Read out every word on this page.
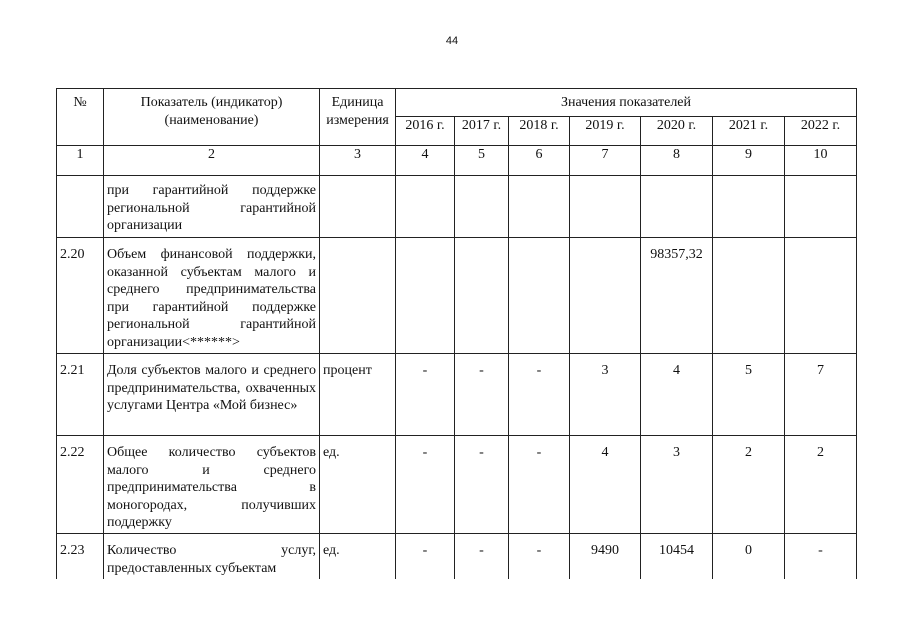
44
№	Показатель (индикатор) (наименование)	Единица измерения	Значения показателей						
			2016 г.	2017 г.	2018 г.	2019 г.	2020 г.	2021 г.	2022 г.
1	2	3	4	5	6	7	8	9	10
	при гарантийной поддержке региональной гарантийной организации								
2.20	Объем финансовой поддержки, оказанной субъектам малого и среднего предпринимательства при гарантийной поддержке региональной гарантийной организации<******>						98357,32		
2.21	Доля субъектов малого и среднего предпринимательства, охваченных услугами Центра «Мой бизнес»	процент	-	-	-	3	4	5	7
2.22	Общее количество субъектов малого и среднего предпринимательства в моногородах, получивших поддержку	ед.	-	-	-	4	3	2	2
2.23	Количество услуг, предоставленных субъектам	ед.	-	-	-	9490	10454	0	-
